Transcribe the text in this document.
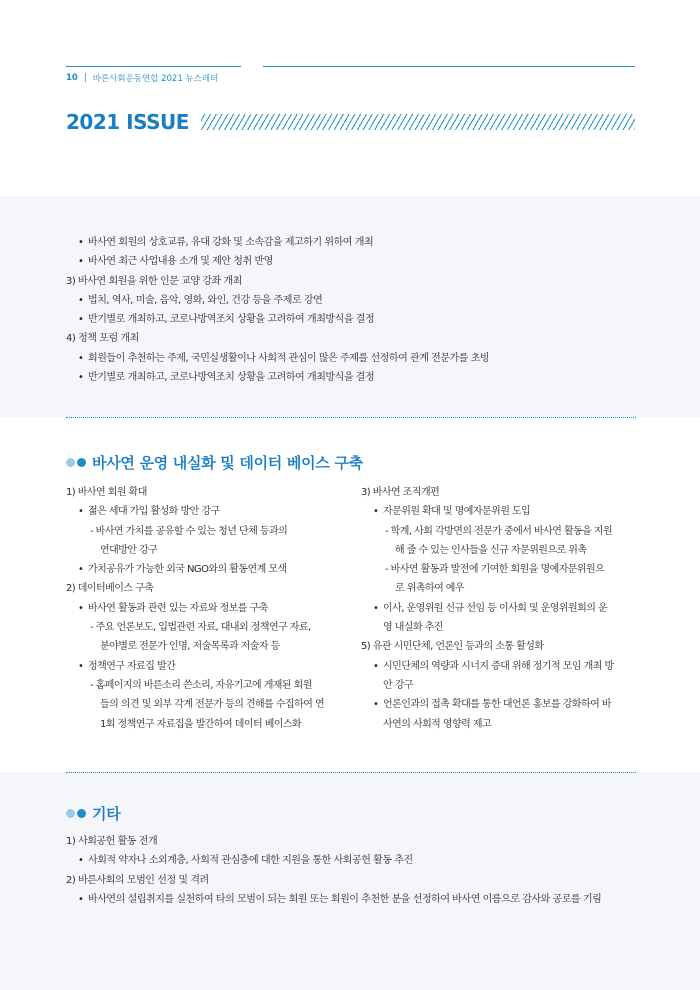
10 | 바른사회운동연합 2021 뉴스레터
2021 ISSUE
• 바사연 회원의 상호교류, 유대 강화 및 소속감을 제고하기 위하여 개최
• 바사연 최근 사업내용 소개 및 제안 청취 반영
3) 바사연 회원을 위한 인문 교양 강좌 개최
• 법치, 역사, 미술, 음악, 영화, 와인, 건강 등을 주제로 강연
• 반기별로 개최하고, 코로나방역조치 상황을 고려하여 개최방식을 결정
4) 정책 포럼 개최
• 회원들이 추천하는 주제, 국민실생활이나 사회적 관심이 많은 주제를 선정하여 관계 전문가를 초빙
• 반기별로 개최하고, 코로나방역조치 상황을 고려하여 개최방식을 결정
바사연 운영 내실화 및 데이터 베이스 구축
1) 바사연 회원 확대
• 젊은 세대 가입 활성화 방안 강구
- 바사연 가치를 공유할 수 있는 청년 단체 등과의
연대방안 강구
• 가치공유가 가능한 외국 NGO와의 활동연계 모색
2) 데이터베이스 구축
• 바사연 활동과 관련 있는 자료와 정보를 구축
- 주요 언론보도, 입법관련 자료, 대내외 정책연구 자료,
분야별로 전문가 인명, 저술목록과 저술자 등
• 정책연구 자료집 발간
- 홈페이지의 바른소리 쓴소리, 자유기고에 게재된 회원
들의 의견 및 외부 각계 전문가 등의 견해를 수집하여 연
1회 정책연구 자료집을 발간하여 데이터 베이스화
3) 바사연 조직개편
• 자문위원 확대 및 명예자문위원 도입
- 학계, 사회 각방면의 전문가 중에서 바사연 활동을 지원
해 줄 수 있는 인사들을 신규 자문위원으로 위촉
- 바사연 활동과 발전에 기여한 회원을 명예자문위원으
로 위촉하여 예우
• 이사, 운영위원 신규 선임 등 이사회 및 운영위원회의 운
영 내실화 추진
5) 유관 시민단체, 언론인 등과의 소통 활성화
• 시민단체의 역량과 시너지 증대 위해 정기적 모임 개최 방
안 강구
• 언론인과의 접촉 확대를 통한 대언론 홍보를 강화하여 바
사연의 사회적 영향력 제고
기타
1) 사회공헌 활동 전개
• 사회적 약자나 소외계층, 사회적 관심층에 대한 지원을 통한 사회공헌 활동 추진
2) 바른사회의 모범인 선정 및 격려
• 바사연의 설립취지를 실천하여 타의 모범이 되는 회원 또는 회원이 추천한 분을 선정하여 바사연 이름으로 감사와 공로를 기림
